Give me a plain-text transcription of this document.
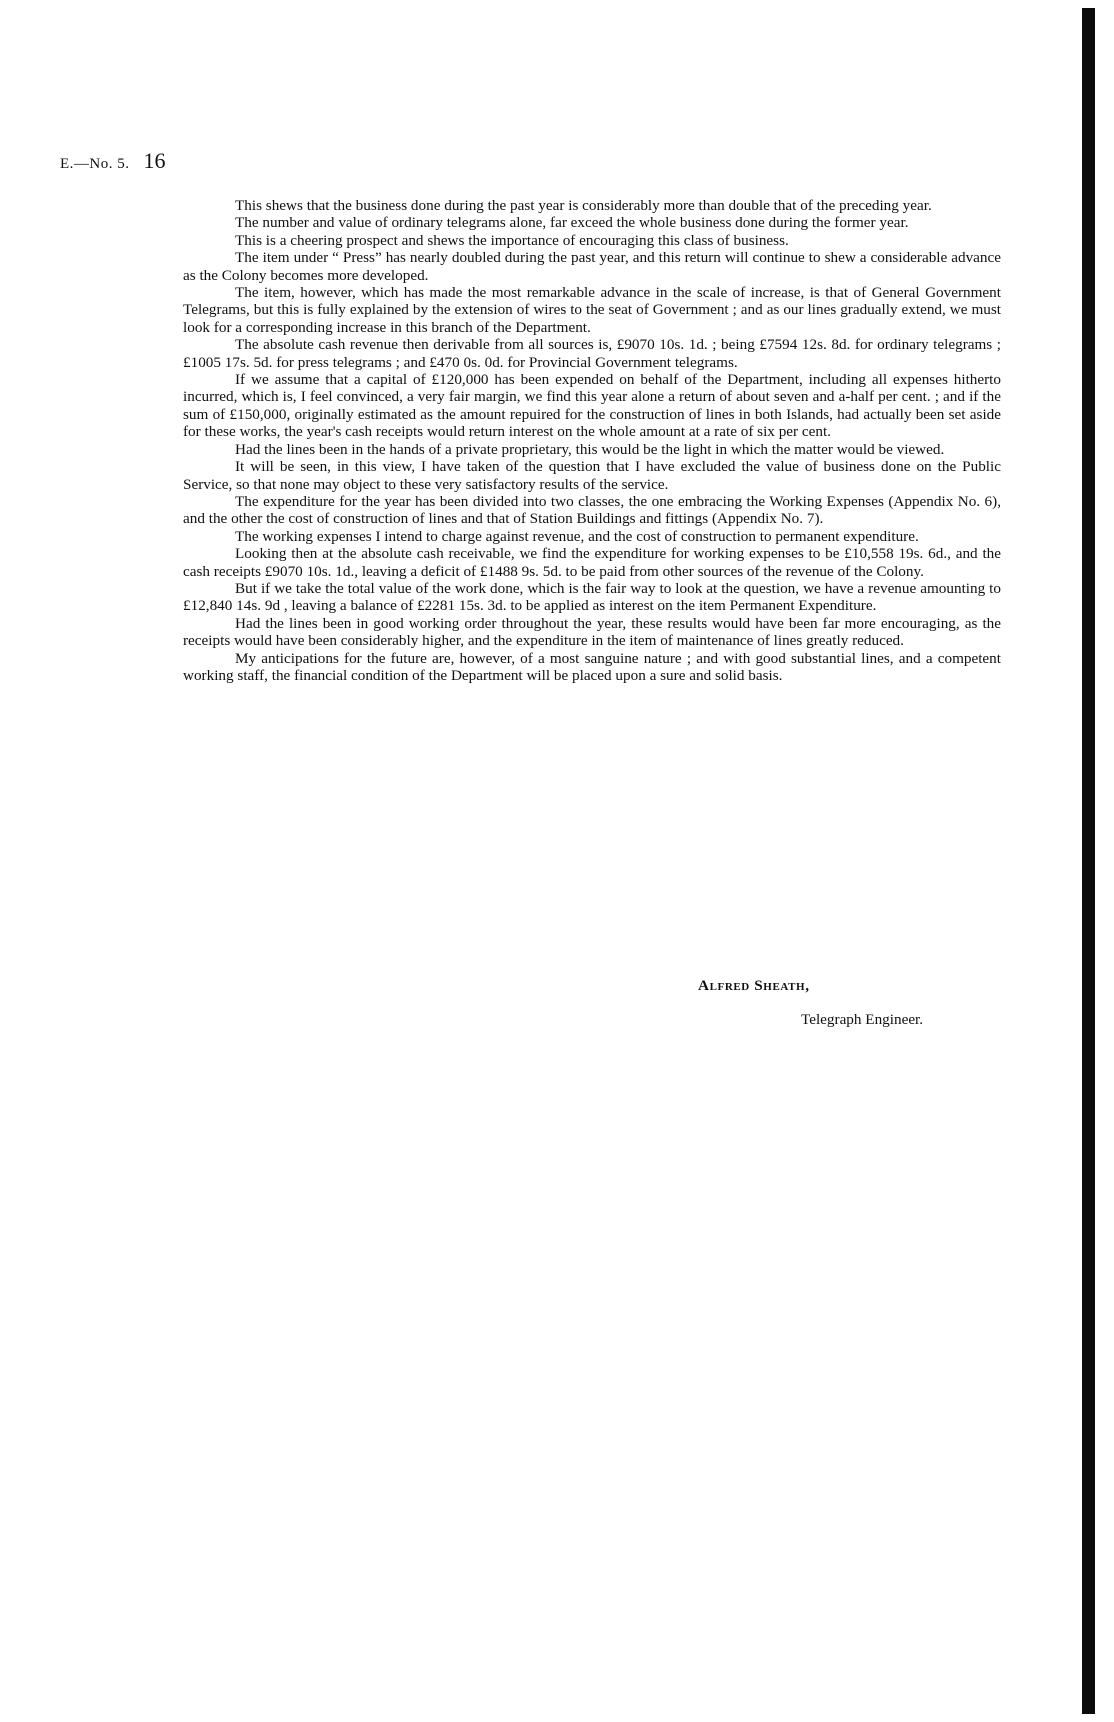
E.—No. 5. 16

This shews that the business done during the past year is considerably more than double that of the preceding year.

The number and value of ordinary telegrams alone, far exceed the whole business done during the former year.

This is a cheering prospect and shews the importance of encouraging this class of business.

The item under “ Press” has nearly doubled during the past year, and this return will continue to shew a considerable advance as the Colony becomes more developed.

The item, however, which has made the most remarkable advance in the scale of increase, is that of General Government Telegrams, but this is fully explained by the extension of wires to the seat of Government ; and as our lines gradually extend, we must look for a corresponding increase in this branch of the Department.

The absolute cash revenue then derivable from all sources is, £9070 10s. 1d. ; being £7594 12s. 8d. for ordinary telegrams ; £1005 17s. 5d. for press telegrams ; and £470 0s. 0d. for Provincial Government telegrams.

If we assume that a capital of £120,000 has been expended on behalf of the Department, including all expenses hitherto incurred, which is, I feel convinced, a very fair margin, we find this year alone a return of about seven and a-half per cent. ; and if the sum of £150,000, originally estimated as the amount repuired for the construction of lines in both Islands, had actually been set aside for these works, the year's cash receipts would return interest on the whole amount at a rate of six per cent.

Had the lines been in the hands of a private proprietary, this would be the light in which the matter would be viewed.

It will be seen, in this view, I have taken of the question that I have excluded the value of business done on the Public Service, so that none may object to these very satisfactory results of the service.

The expenditure for the year has been divided into two classes, the one embracing the Working Expenses (Appendix No. 6), and the other the cost of construction of lines and that of Station Buildings and fittings (Appendix No. 7).

The working expenses I intend to charge against revenue, and the cost of construction to permanent expenditure.

Looking then at the absolute cash receivable, we find the expenditure for working expenses to be £10,558 19s. 6d., and the cash receipts £9070 10s. 1d., leaving a deficit of £1488 9s. 5d. to be paid from other sources of the revenue of the Colony.

But if we take the total value of the work done, which is the fair way to look at the question, we have a revenue amounting to £12,840 14s. 9d , leaving a balance of £2281 15s. 3d. to be applied as interest on the item Permanent Expenditure.

Had the lines been in good working order throughout the year, these results would have been far more encouraging, as the receipts would have been considerably higher, and the expenditure in the item of maintenance of lines greatly reduced.

My anticipations for the future are, however, of a most sanguine nature ; and with good substantial lines, and a competent working staff, the financial condition of the Department will be placed upon a sure and solid basis.

Alfred Sheath,
Telegraph Engineer.
